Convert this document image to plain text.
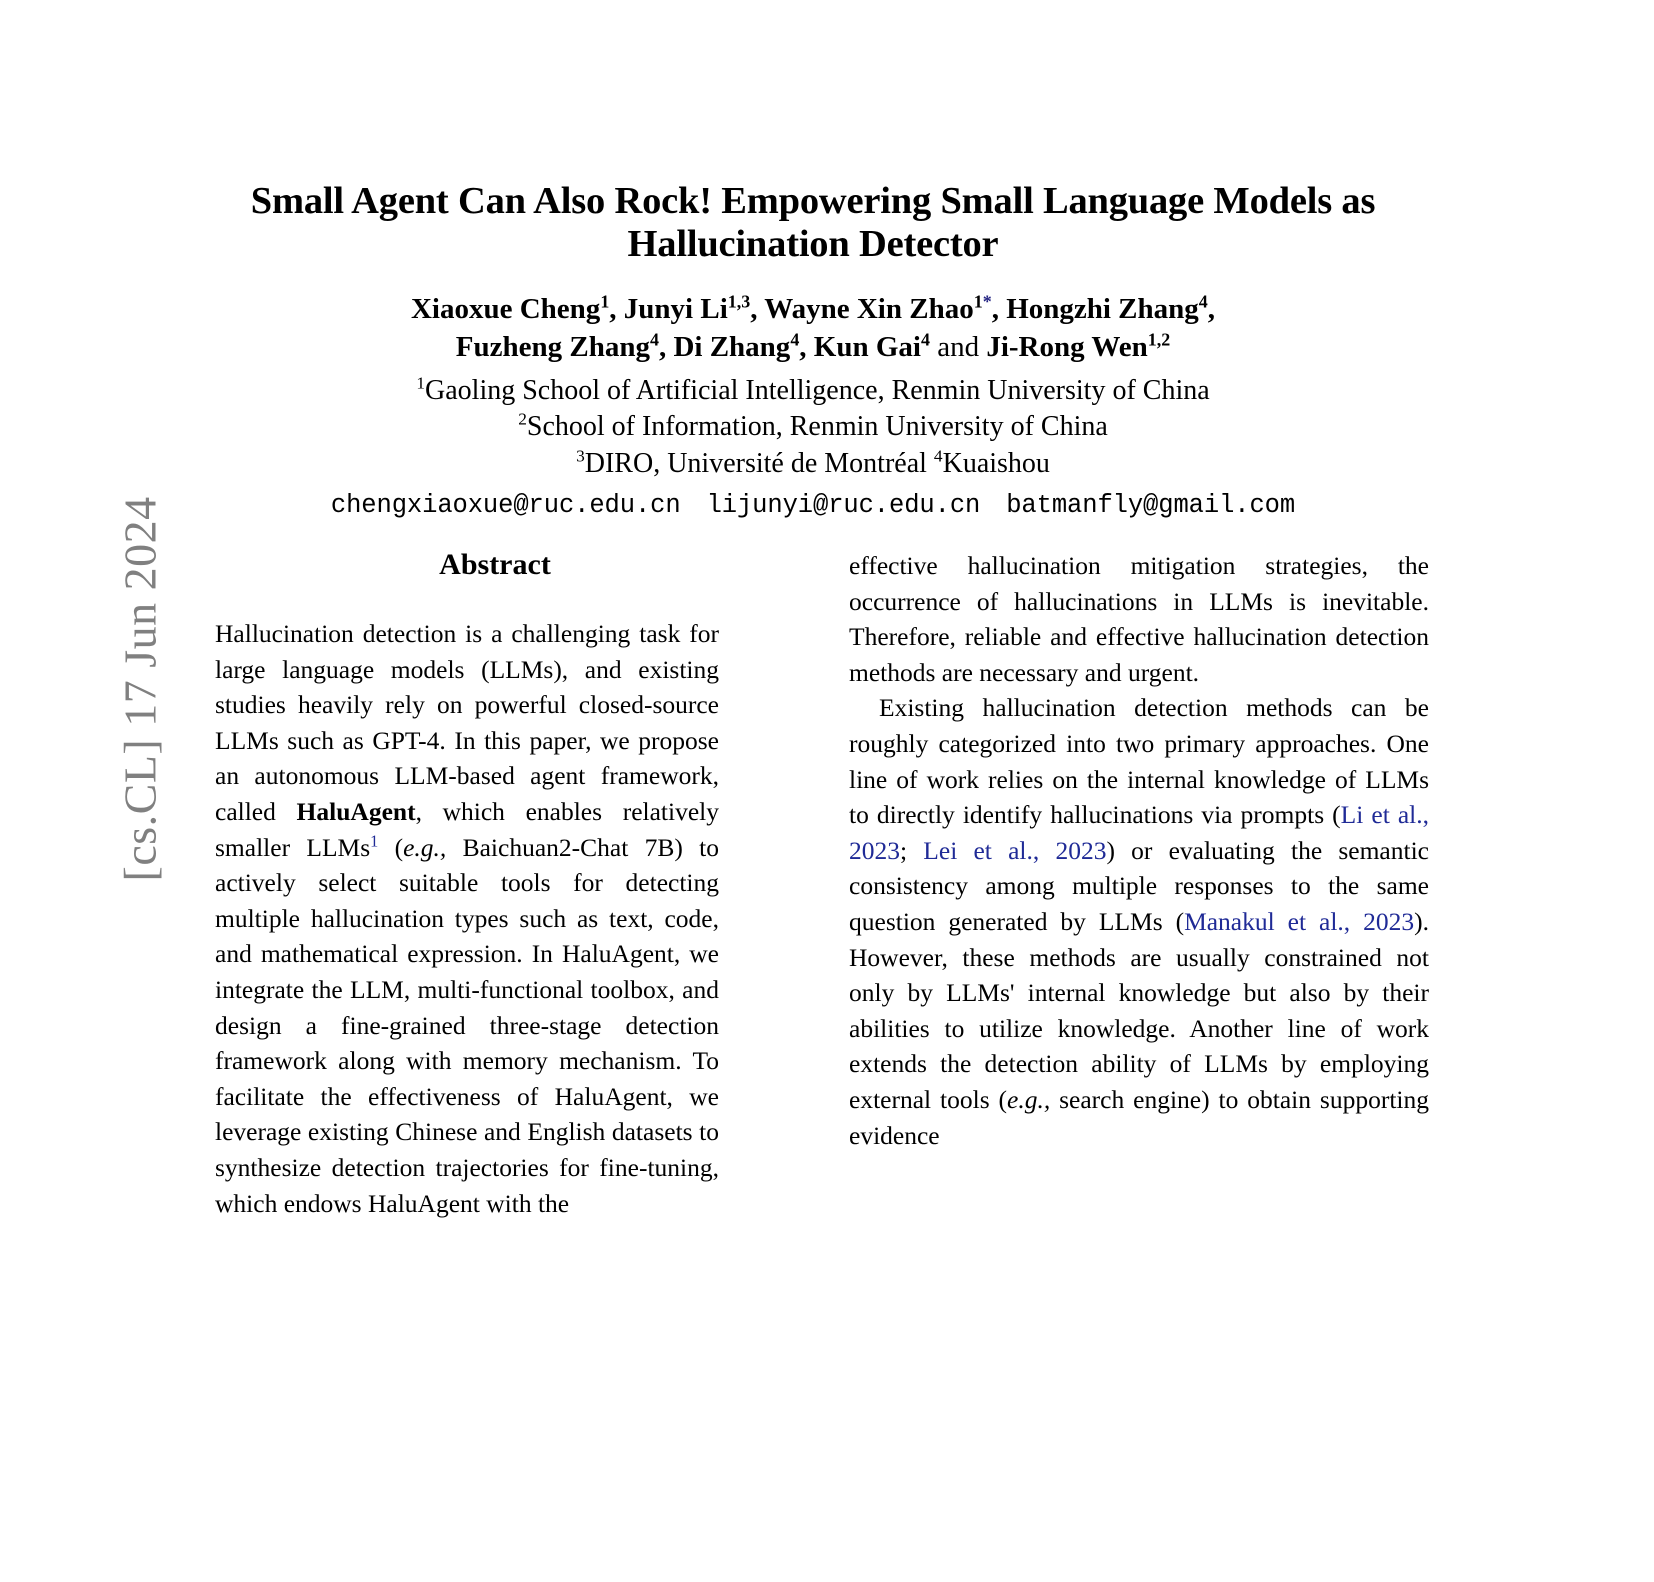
[cs.CL] 17 Jun 2024
Small Agent Can Also Rock! Empowering Small Language Models as Hallucination Detector
Xiaoxue Cheng$^1$, Junyi Li$^{1,3}$, Wayne Xin Zhao$^{1*}$, Hongzhi Zhang$^4$,
Fuzheng Zhang$^4$, Di Zhang$^4$, Kun Gai$^4$ and Ji-Rong Wen$^{1,2}$
$^1$Gaoling School of Artificial Intelligence, Renmin University of China
$^2$School of Information, Renmin University of China
$^3$DIRO, Université de Montréal $^4$Kuaishou
chengxiaoxue@ruc.edu.cn lijunyi@ruc.edu.cn batmanfly@gmail.com
Abstract

Hallucination detection is a challenging task for large language models (LLMs), and existing studies heavily rely on powerful closed-source LLMs such as GPT-4. In this paper, we propose an autonomous LLM-based agent framework, called HaluAgent, which enables relatively smaller LLMs$^1$ (e.g., Baichuan2-Chat 7B) to actively select suitable tools for detecting multiple hallucination types such as text, code, and mathematical expression. In HaluAgent, we integrate the LLM, multi-functional toolbox, and design a fine-grained three-stage detection framework along with memory mechanism. To facilitate the effectiveness of HaluAgent, we leverage existing Chinese and English datasets to synthesize detection trajectories for fine-tuning, which endows HaluAgent with the

effective hallucination mitigation strategies, the occurrence of hallucinations in LLMs is inevitable. Therefore, reliable and effective hallucination detection methods are necessary and urgent.

Existing hallucination detection methods can be roughly categorized into two primary approaches. One line of work relies on the internal knowledge of LLMs to directly identify hallucinations via prompts (Li et al., 2023; Lei et al., 2023) or evaluating the semantic consistency among multiple responses to the same question generated by LLMs (Manakul et al., 2023). However, these methods are usually constrained not only by LLMs' internal knowledge but also by their abilities to utilize knowledge. Another line of work extends the detection ability of LLMs by employing external tools (e.g., search engine) to obtain supporting evidence
